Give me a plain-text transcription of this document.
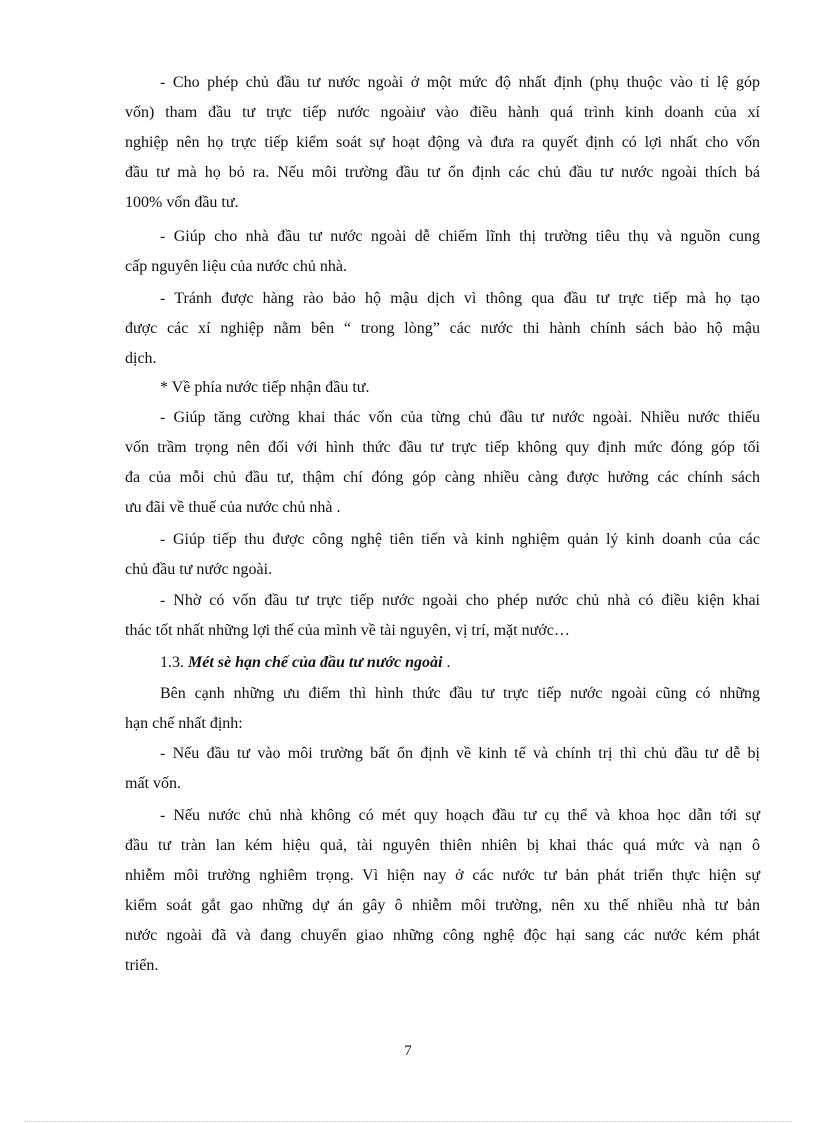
- Cho phép chủ đầu tư nước ngoài ở một mức độ nhất định (phụ thuộc vào tỉ lệ góp
vốn) tham đầu tư trực tiếp nước ngoàiư vào điều hành quá trình kinh doanh của xí
nghiệp nên họ trực tiếp kiểm soát sự hoạt động và đưa ra quyết định có lợi nhất cho vốn
đầu tư mà họ bỏ ra. Nếu môi trường đầu tư ổn định các chủ đầu tư nước ngoài thích bá
100% vốn đầu tư.
- Giúp cho nhà đầu tư nước ngoài dễ chiếm lĩnh thị trường tiêu thụ và nguồn cung
cấp nguyên liệu của nước chủ nhà.
- Tránh được hàng rào bảo hộ mậu dịch vì thông qua đầu tư trực tiếp mà họ tạo
được các xí nghiệp nằm bên “ trong lòng” các nước thi hành chính sách bảo hộ mậu
dịch.
* Về phía nước tiếp nhận đầu tư.
- Giúp tăng cường khai thác vốn của từng chủ đầu tư nước ngoài. Nhiều nước thiếu
vốn trầm trọng nên đối với hình thức đầu tư trực tiếp không quy định mức đóng góp tối
đa của mỗi chủ đầu tư, thậm chí đóng góp càng nhiều càng được hưởng các chính sách
ưu đãi về thuế của nước chủ nhà .
- Giúp tiếp thu được công nghệ tiên tiến và kinh nghiệm quản lý kinh doanh của các
chủ đầu tư nước ngoài.
- Nhờ có vốn đầu tư trực tiếp nước ngoài cho phép nước chủ nhà có điều kiện khai
thác tốt nhất những lợi thế của mình về tài nguyên, vị trí, mặt nước…
1.3. Mét sè hạn chế của đầu tư nước ngoài .
Bên cạnh những ưu điểm thì hình thức đầu tư trực tiếp nước ngoài cũng có những
hạn chế nhất định:
- Nếu đầu tư vào môi trường bất ổn định về kinh tế và chính trị thì chủ đầu tư dễ bị
mất vốn.
- Nếu nước chủ nhà không có mét quy hoạch đầu tư cụ thể và khoa học dẫn tới sự
đầu tư tràn lan kém hiệu quả, tài nguyên thiên nhiên bị khai thác quá mức và nạn ô
nhiễm môi trường nghiêm trọng. Vì hiện nay ở các nước tư bản phát triển thực hiện sự
kiểm soát gắt gao những dự án gây ô nhiễm môi trường, nên xu thế nhiều nhà tư bản
nước ngoài đã và đang chuyển giao những công nghệ độc hại sang các nước kém phát
triển.
7
